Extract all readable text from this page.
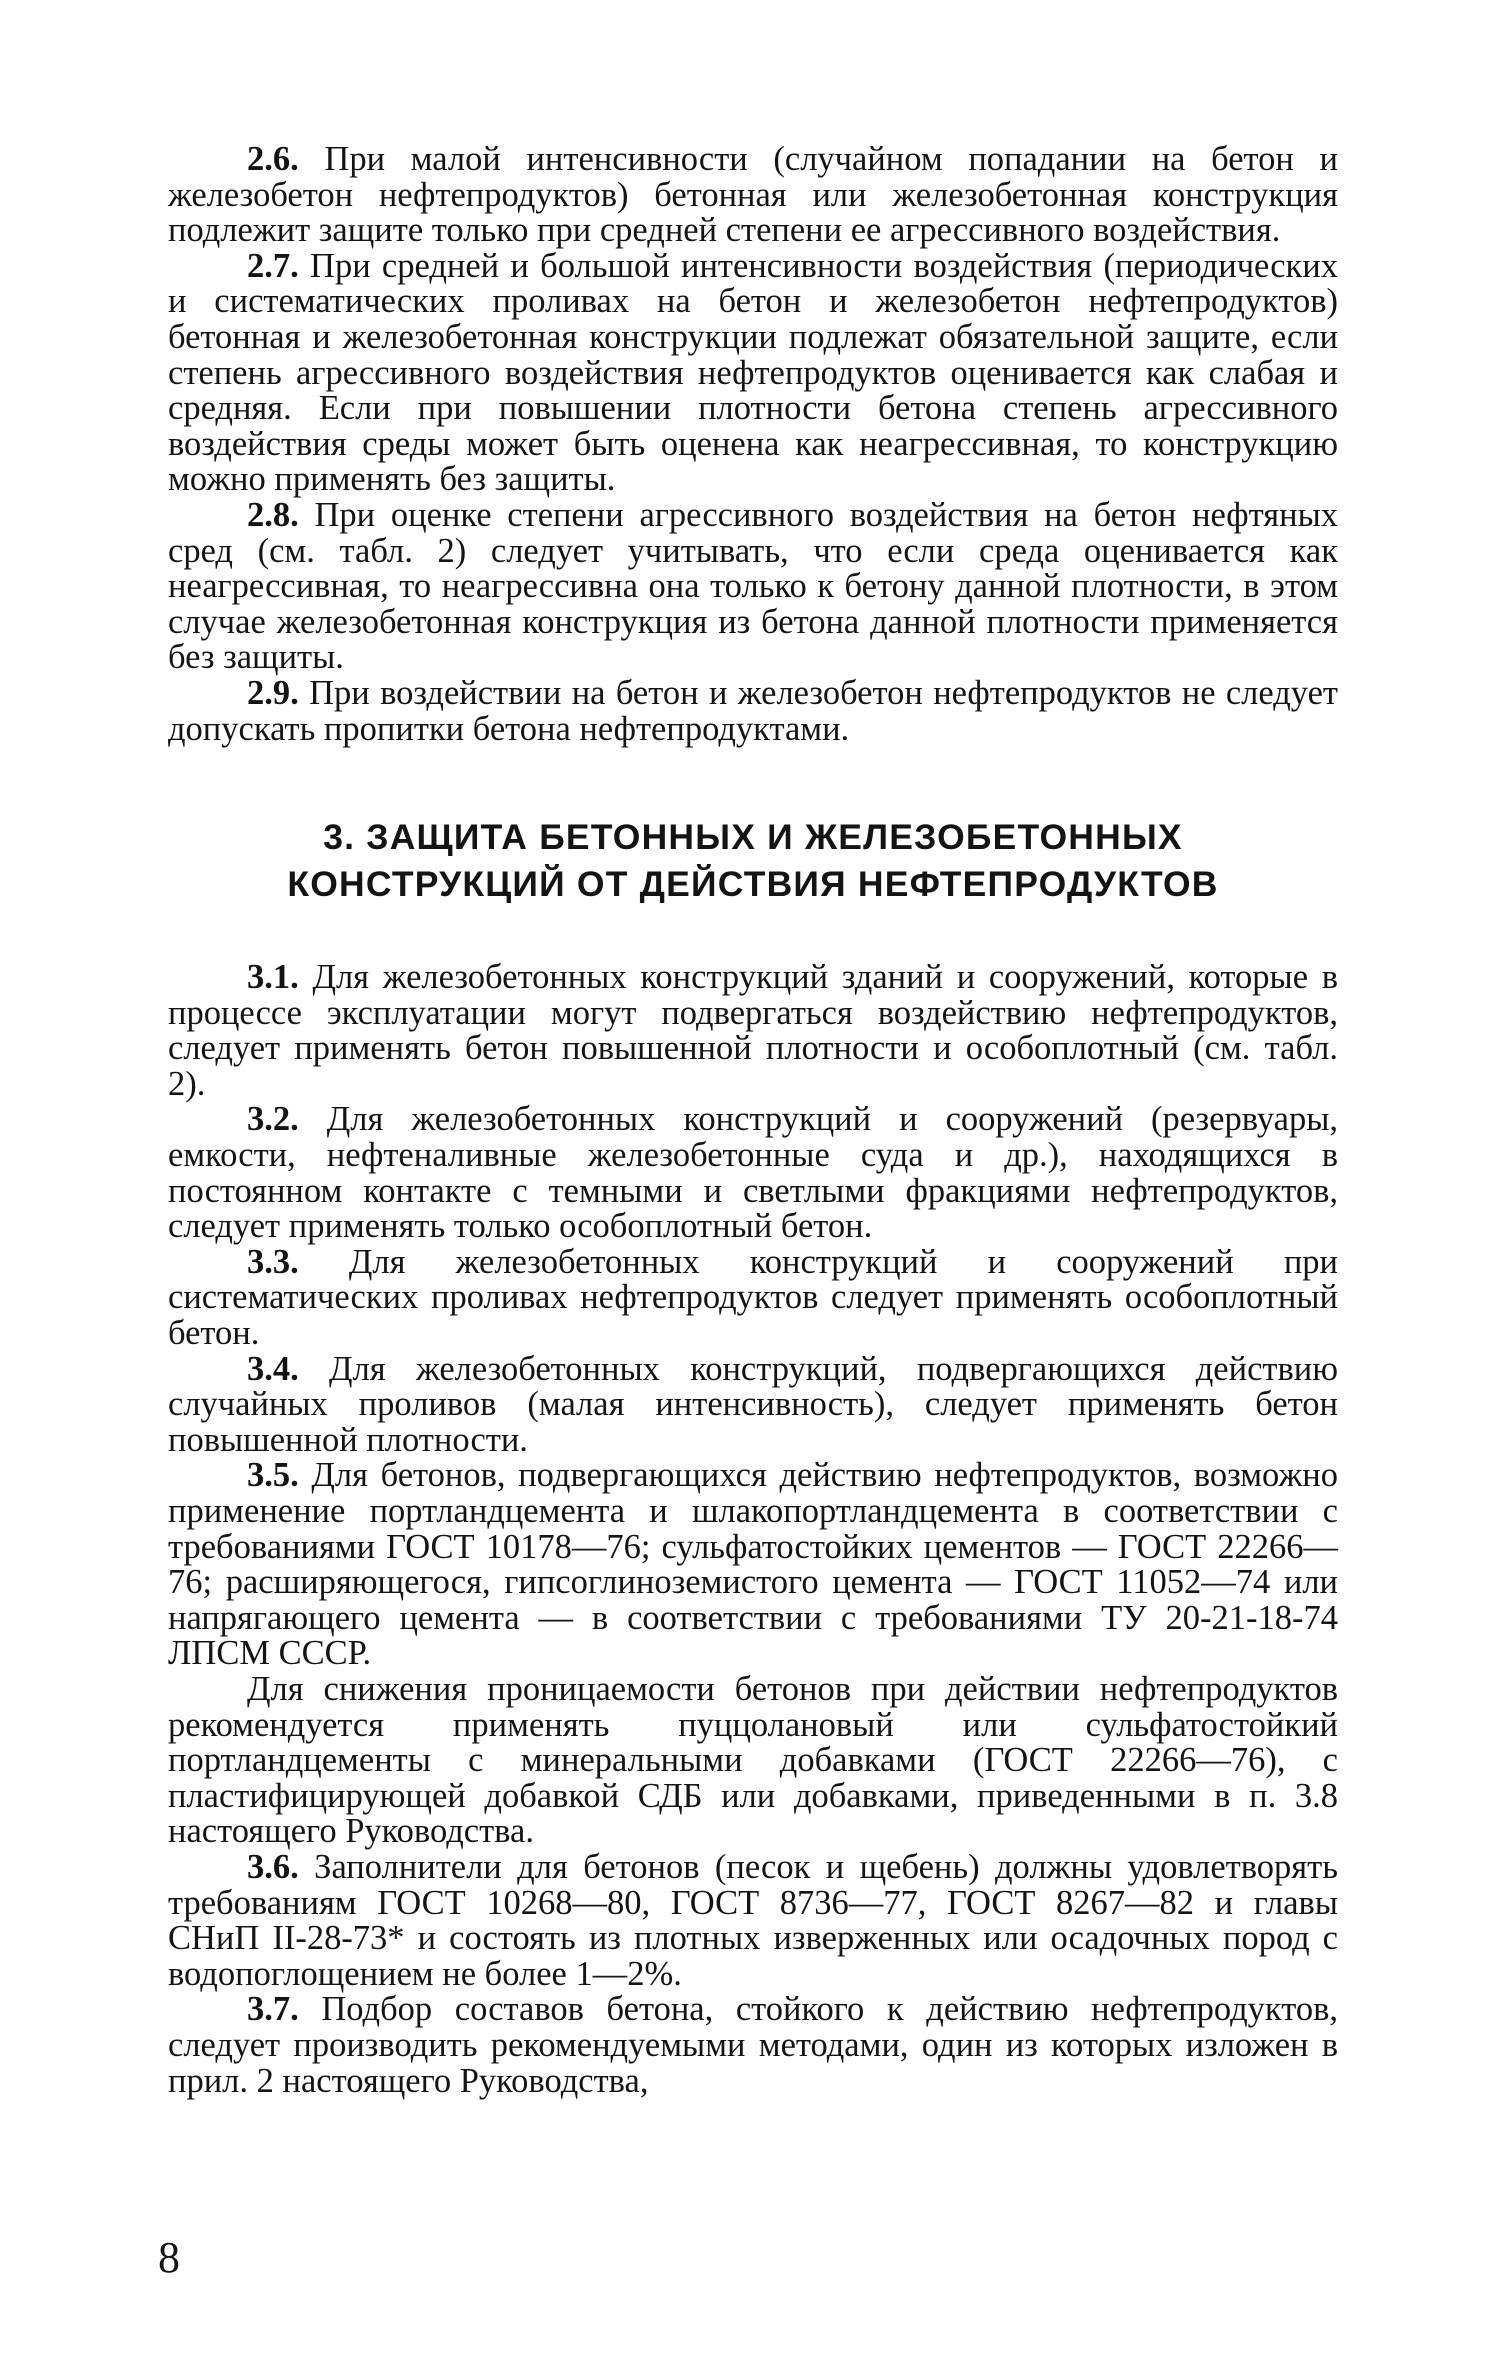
2.6. При малой интенсивности (случайном попадании на бетон и железобетон нефтепродуктов) бетонная или железобетонная конструкция подлежит защите только при средней степени ее агрессивного воздействия.

2.7. При средней и большой интенсивности воздействия (периодических и систематических проливах на бетон и железобетон нефтепродуктов) бетонная и железобетонная конструкции подлежат обязательной защите, если степень агрессивного воздействия нефтепродуктов оценивается как слабая и средняя. Если при повышении плотности бетона степень агрессивного воздействия среды может быть оценена как неагрессивная, то конструкцию можно применять без защиты.

2.8. При оценке степени агрессивного воздействия на бетон нефтяных сред (см. табл. 2) следует учитывать, что если среда оценивается как неагрессивная, то неагрессивна она только к бетону данной плотности, в этом случае железобетонная конструкция из бетона данной плотности применяется без защиты.

2.9. При воздействии на бетон и железобетон нефтепродуктов не следует допускать пропитки бетона нефтепродуктами.

3. ЗАЩИТА БЕТОННЫХ И ЖЕЛЕЗОБЕТОННЫХ
КОНСТРУКЦИЙ ОТ ДЕЙСТВИЯ НЕФТЕПРОДУКТОВ

3.1. Для железобетонных конструкций зданий и сооружений, которые в процессе эксплуатации могут подвергаться воздействию нефтепродуктов, следует применять бетон повышенной плотности и особоплотный (см. табл. 2).

3.2. Для железобетонных конструкций и сооружений (резервуары, емкости, нефтеналивные железобетонные суда и др.), находящихся в постоянном контакте с темными и светлыми фракциями нефтепродуктов, следует применять только особоплотный бетон.

3.3. Для железобетонных конструкций и сооружений при систематических проливах нефтепродуктов следует применять особоплотный бетон.

3.4. Для железобетонных конструкций, подвергающихся действию случайных проливов (малая интенсивность), следует применять бетон повышенной плотности.

3.5. Для бетонов, подвергающихся действию нефтепродуктов, возможно применение портландцемента и шлакопортландцемента в соответствии с требованиями ГОСТ 10178—76; сульфатостойких цементов — ГОСТ 22266—76; расширяющегося, гипсоглиноземистого цемента — ГОСТ 11052—74 или напрягающего цемента — в соответствии с требованиями ТУ 20-21-18-74 ЛПСМ СССР.

Для снижения проницаемости бетонов при действии нефтепродуктов рекомендуется применять пуццолановый или сульфатостойкий портландцементы с минеральными добавками (ГОСТ 22266—76), с пластифицирующей добавкой СДБ или добавками, приведенными в п. 3.8 настоящего Руководства.

3.6. Заполнители для бетонов (песок и щебень) должны удовлетворять требованиям ГОСТ 10268—80, ГОСТ 8736—77, ГОСТ 8267—82 и главы СНиП II-28-73* и состоять из плотных изверженных или осадочных пород с водопоглощением не более 1—2%.

3.7. Подбор составов бетона, стойкого к действию нефтепродуктов, следует производить рекомендуемыми методами, один из которых изложен в прил. 2 настоящего Руководства,

8
